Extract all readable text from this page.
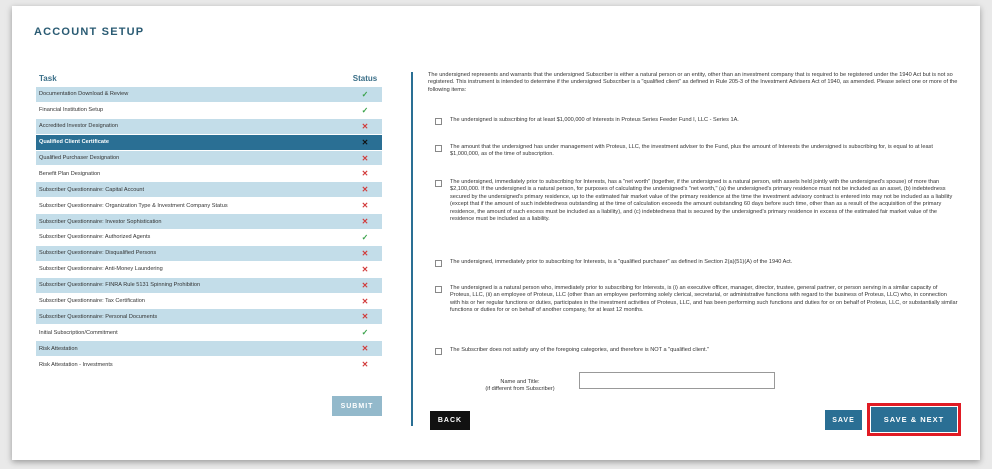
ACCOUNT SETUP
Task	Status
Documentation Download & Review	✓
Financial Institution Setup	✓
Accredited Investor Designation	✕
Qualified Client Certificate	✕
Qualified Purchaser Designation	✕
Benefit Plan Designation	✕
Subscriber Questionnaire: Capital Account	✕
Subscriber Questionnaire: Organization Type & Investment Company Status	✕
Subscriber Questionnaire: Investor Sophistication	✕
Subscriber Questionnaire: Authorized Agents	✓
Subscriber Questionnaire: Disqualified Persons	✕
Subscriber Questionnaire: Anti-Money Laundering	✕
Subscriber Questionnaire: FINRA Rule 5131 Spinning Prohibition	✕
Subscriber Questionnaire: Tax Certification	✕
Subscriber Questionnaire: Personal Documents	✕
Initial Subscription/Commitment	✓
Risk Attestation	✕
Risk Attestation - Investments	✕
SUBMIT

The undersigned represents and warrants that the undersigned Subscriber is either a natural person or an entity, other than an investment company that is required to be registered under the 1940 Act but is not so registered. This instrument is intended to determine if the undersigned Subscriber is a "qualified client" as defined in Rule 205-3 of the Investment Advisers Act of 1940, as amended. Please select one or more of the following items:

The undersigned is subscribing for at least $1,000,000 of Interests in Proteus Series Feeder Fund I, LLC - Series 1A.
The amount that the undersigned has under management with Proteus, LLC, the investment adviser to the Fund, plus the amount of Interests the undersigned is subscribing for, is equal to at least $1,000,000, as of the time of subscription.
The undersigned, immediately prior to subscribing for Interests, has a "net worth" (together, if the undersigned is a natural person, with assets held jointly with the undersigned's spouse) of more than $2,100,000. If the undersigned is a natural person, for purposes of calculating the undersigned's "net worth," (a) the undersigned's primary residence must not be included as an asset, (b) indebtedness secured by the undersigned's primary residence, up to the estimated fair market value of the primary residence at the time the investment advisory contract is entered into may not be included as a liability (except that if the amount of such indebtedness outstanding at the time of calculation exceeds the amount outstanding 60 days before such time, other than as a result of the acquisition of the primary residence, the amount of such excess must be included as a liability), and (c) indebtedness that is secured by the undersigned's primary residence in excess of the estimated fair market value of the residence must be included as a liability.
The undersigned, immediately prior to subscribing for Interests, is a "qualified purchaser" as defined in Section 2(a)(51)(A) of the 1940 Act.
The undersigned is a natural person who, immediately prior to subscribing for Interests, is (i) an executive officer, manager, director, trustee, general partner, or person serving in a similar capacity of Proteus, LLC, (ii) an employee of Proteus, LLC (other than an employee performing solely clerical, secretarial, or administrative functions with regard to the business of Proteus, LLC) who, in connection with his or her regular functions or duties, participates in the investment activities of Proteus, LLC, and has been performing such functions and duties for or on behalf of Proteus, LLC, or substantially similar functions or duties for or on behalf of another company, for at least 12 months.
The Subscriber does not satisfy any of the foregoing categories, and therefore is NOT a "qualified client."
Name and Title:
(if different from Subscriber)
BACK	SAVE	SAVE & NEXT
